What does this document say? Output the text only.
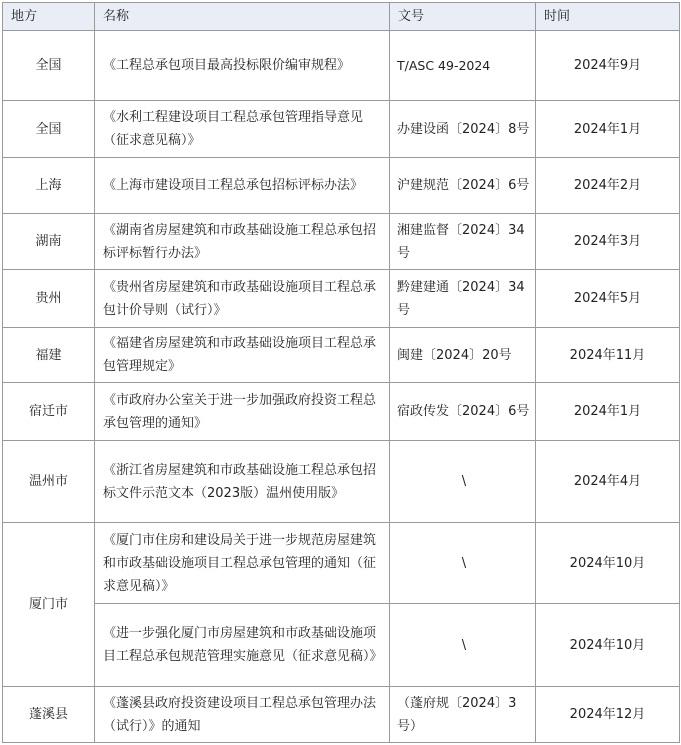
地方	名称	文号	时间
全国	《工程总承包项目最高投标限价编审规程》	T/ASC 49-2024	2024年9月
全国	《水利工程建设项目工程总承包管理指导意见（征求意见稿）》	办建设函〔2024〕8号	2024年1月
上海	《上海市建设项目工程总承包招标评标办法》	沪建规范〔2024〕6号	2024年2月
湖南	《湖南省房屋建筑和市政基础设施工程总承包招标评标暂行办法》	湘建监督〔2024〕34号	2024年3月
贵州	《贵州省房屋建筑和市政基础设施项目工程总承包计价导则（试行）》	黔建建通〔2024〕34号	2024年5月
福建	《福建省房屋建筑和市政基础设施项目工程总承包管理规定》	闽建〔2024〕20号	2024年11月
宿迁市	《市政府办公室关于进一步加强政府投资工程总承包管理的通知》	宿政传发〔2024〕6号	2024年1月
温州市	《浙江省房屋建筑和市政基础设施工程总承包招标文件示范文本（2023版）温州使用版》	\	2024年4月
厦门市	《厦门市住房和建设局关于进一步规范房屋建筑和市政基础设施项目工程总承包管理的通知（征求意见稿）》	\	2024年10月
	《进一步强化厦门市房屋建筑和市政基础设施项目工程总承包规范管理实施意见（征求意见稿）》	\	2024年10月
蓬溪县	《蓬溪县政府投资建设项目工程总承包管理办法（试行）》的通知	（蓬府规〔2024〕3号）	2024年12月
